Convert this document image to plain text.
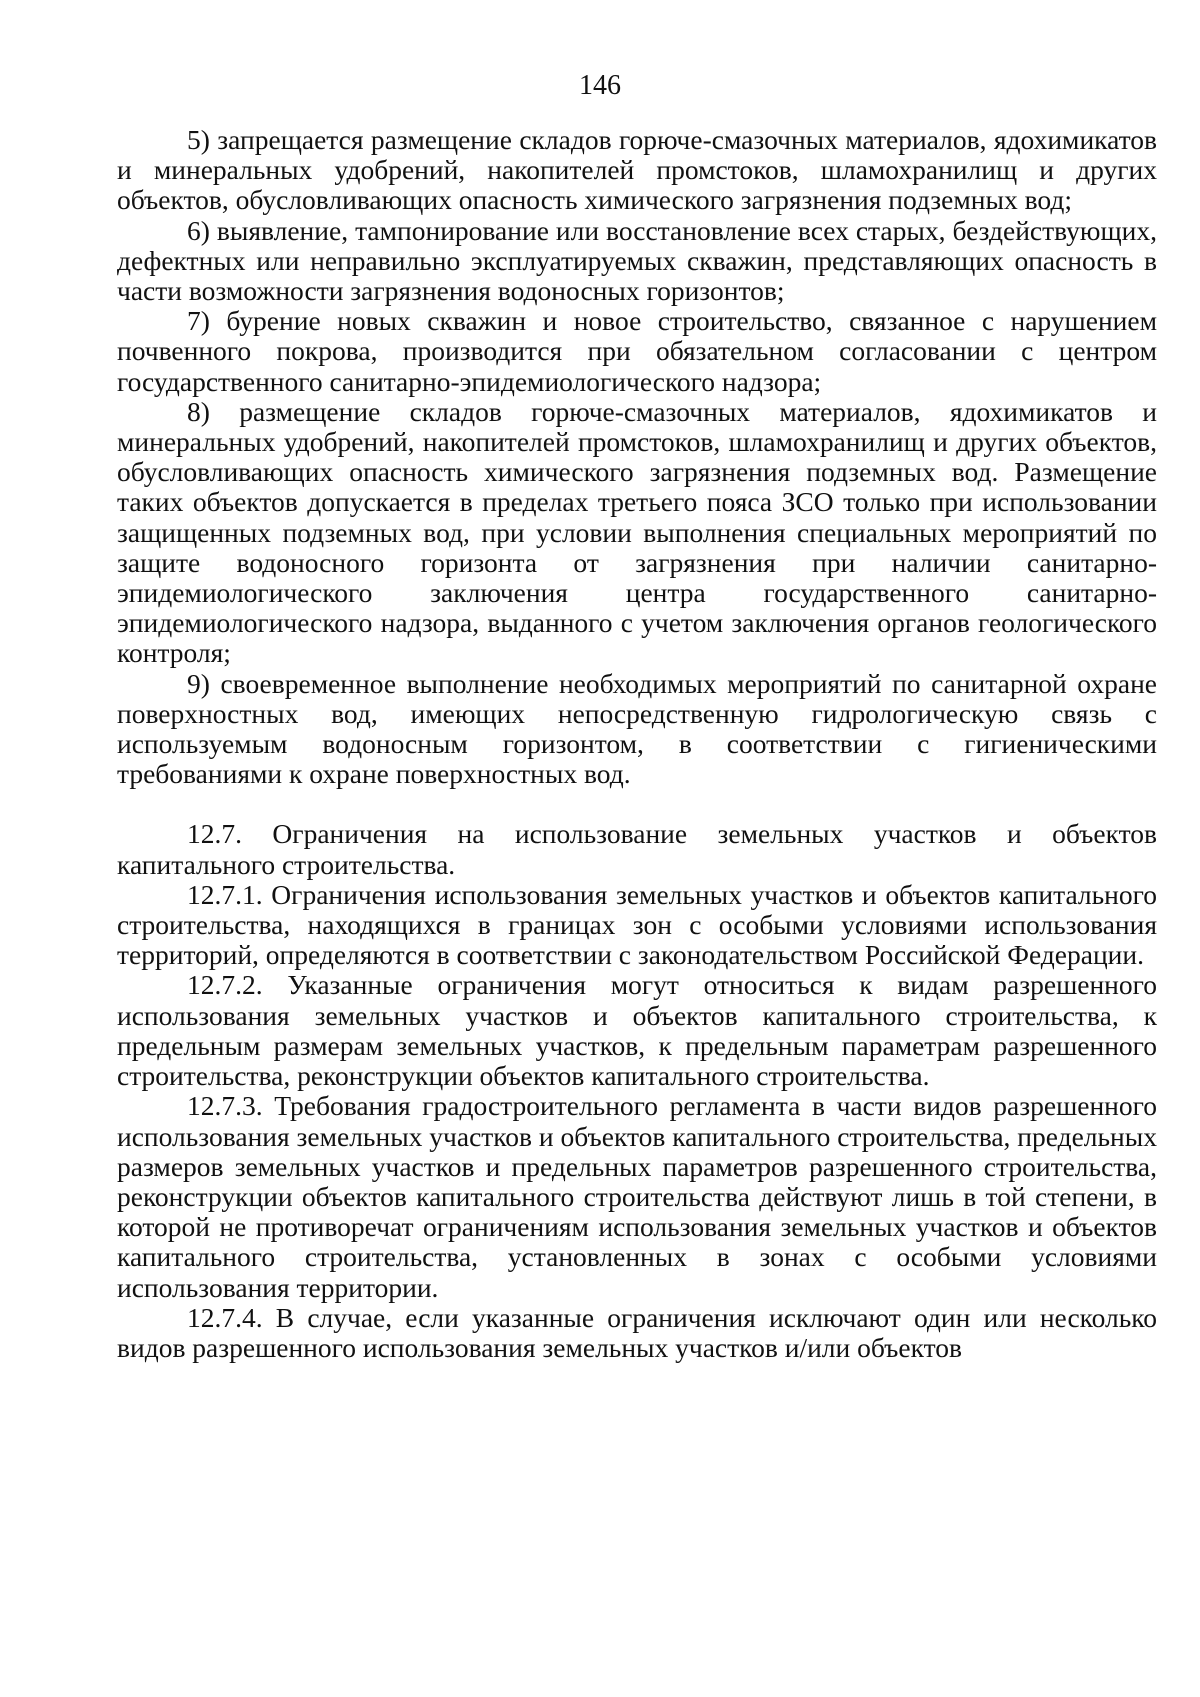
146

5) запрещается размещение складов горюче-смазочных материалов, ядохимикатов и минеральных удобрений, накопителей промстоков, шламохранилищ и других объектов, обусловливающих опасность химического загрязнения подземных вод;

6) выявление, тампонирование или восстановление всех старых, бездействующих, дефектных или неправильно эксплуатируемых скважин, представляющих опасность в части возможности загрязнения водоносных горизонтов;

7) бурение новых скважин и новое строительство, связанное с нарушением почвенного покрова, производится при обязательном согласовании с центром государственного санитарно-эпидемиологического надзора;

8) размещение складов горюче-смазочных материалов, ядохимикатов и минеральных удобрений, накопителей промстоков, шламохранилищ и других объектов, обусловливающих опасность химического загрязнения подземных вод. Размещение таких объектов допускается в пределах третьего пояса ЗСО только при использовании защищенных подземных вод, при условии выполнения специальных мероприятий по защите водоносного горизонта от загрязнения при наличии санитарно-эпидемиологического заключения центра государственного санитарно-эпидемиологического надзора, выданного с учетом заключения органов геологического контроля;

9) своевременное выполнение необходимых мероприятий по санитарной охране поверхностных вод, имеющих непосредственную гидрологическую связь с используемым водоносным горизонтом, в соответствии с гигиеническими требованиями к охране поверхностных вод.

12.7. Ограничения на использование земельных участков и объектов капитального строительства.

12.7.1. Ограничения использования земельных участков и объектов капитального строительства, находящихся в границах зон с особыми условиями использования территорий, определяются в соответствии с законодательством Российской Федерации.

12.7.2. Указанные ограничения могут относиться к видам разрешенного использования земельных участков и объектов капитального строительства, к предельным размерам земельных участков, к предельным параметрам разрешенного строительства, реконструкции объектов капитального строительства.

12.7.3. Требования градостроительного регламента в части видов разрешенного использования земельных участков и объектов капитального строительства, предельных размеров земельных участков и предельных параметров разрешенного строительства, реконструкции объектов капитального строительства действуют лишь в той степени, в которой не противоречат ограничениям использования земельных участков и объектов капитального строительства, установленных в зонах с особыми условиями использования территории.

12.7.4. В случае, если указанные ограничения исключают один или несколько видов разрешенного использования земельных участков и/или объектов
